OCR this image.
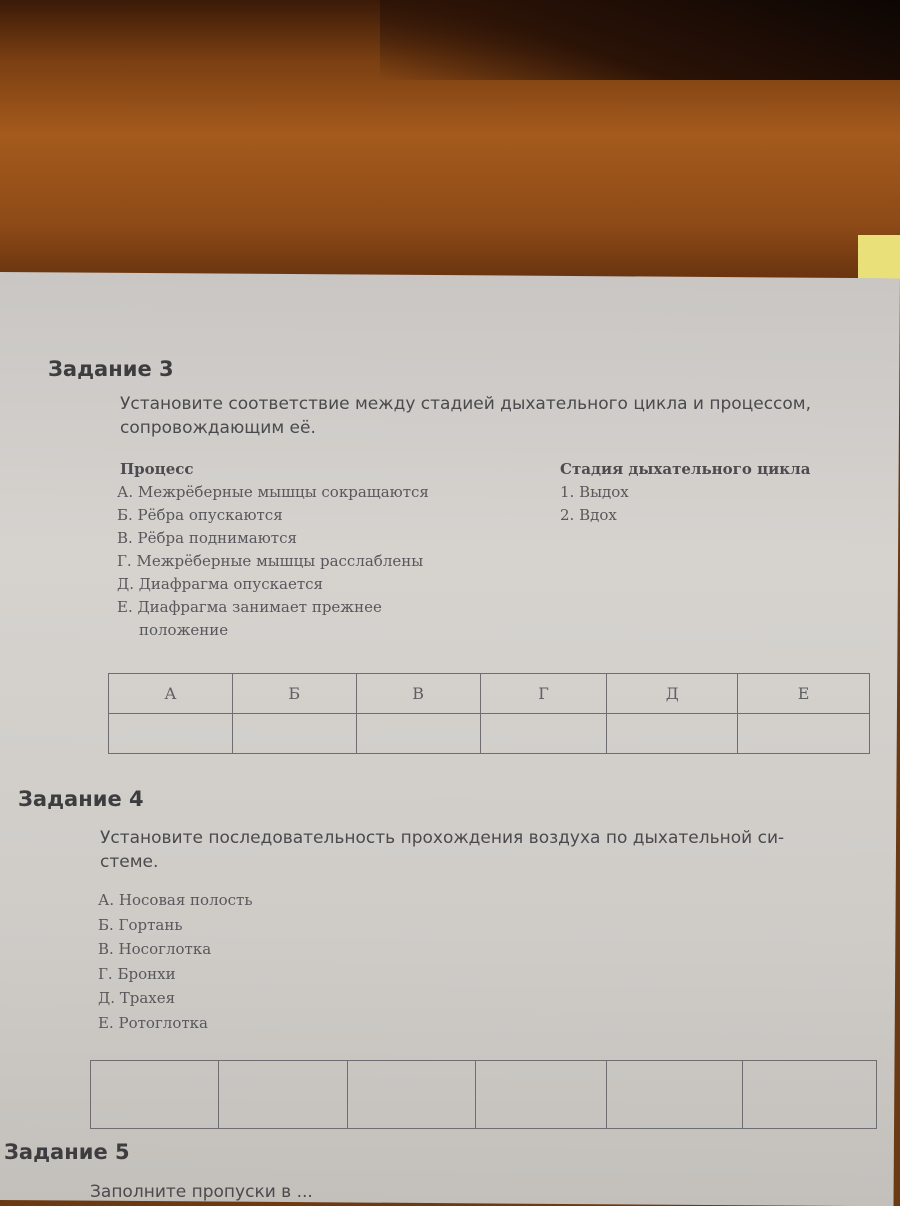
Задание 3
Установите соответствие между стадией дыхательного цикла и процессом,
сопровождающим её.
Процесс
А. Межрёберные мышцы сокращаются
Б. Рёбра опускаются
В. Рёбра поднимаются
Г. Межрёберные мышцы расслаблены
Д. Диафрагма опускается
Е. Диафрагма занимает прежнее
положение
Стадия дыхательного цикла
1. Выдох
2. Вдох
А	Б	В	Г	Д	Е

Задание 4
Установите последовательность прохождения воздуха по дыхательной си-
стеме.
А. Носовая полость
Б. Гортань
В. Носоглотка
Г. Бронхи
Д. Трахея
Е. Ротоглотка

Задание 5
Заполните пропуски в ...
